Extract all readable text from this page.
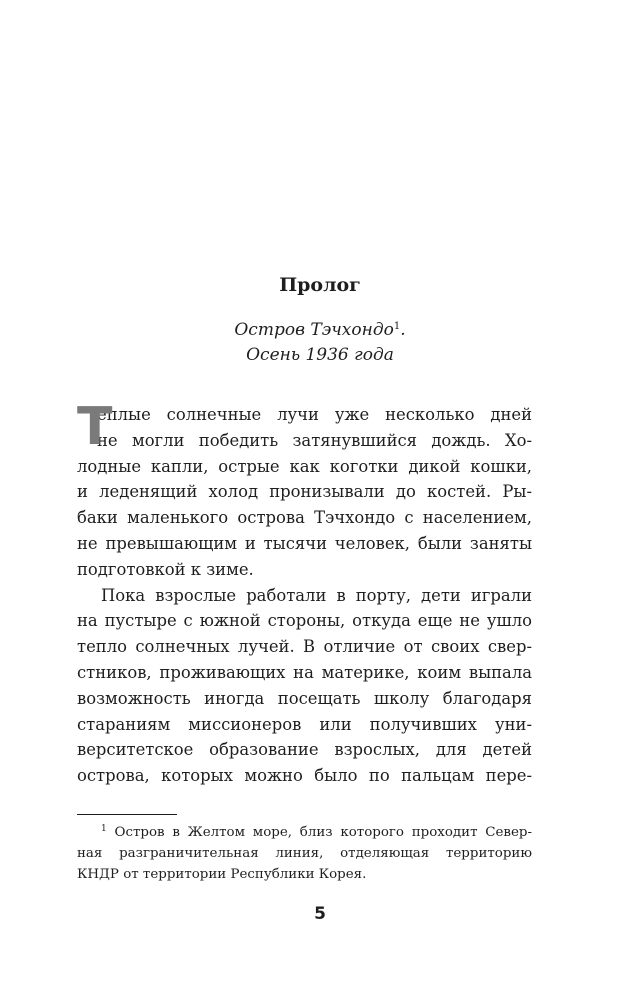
Пролог
Остров Тэчхондо$^1$.
Осень 1936 года
Т
еплые солнечные лучи уже несколько дней
не могли победить затянувшийся дождь. Хо-
лодные капли, острые как коготки дикой кошки,
и леденящий холод пронизывали до костей. Ры-
баки маленького острова Тэчхондо с населением,
не превышающим и тысячи человек, были заняты
подготовкой к зиме.
Пока взрослые работали в порту, дети играли
на пустыре с южной стороны, откуда еще не ушло
тепло солнечных лучей. В отличие от своих свер-
стников, проживающих на материке, коим выпала
возможность иногда посещать школу благодаря
стараниям миссионеров или получивших уни-
верситетское образование взрослых, для детей
острова, которых можно было по пальцам пере-
$^1$ Остров в Желтом море, близ которого проходит Север-
ная разграничительная линия, отделяющая территорию
КНДР от территории Республики Корея.
5
